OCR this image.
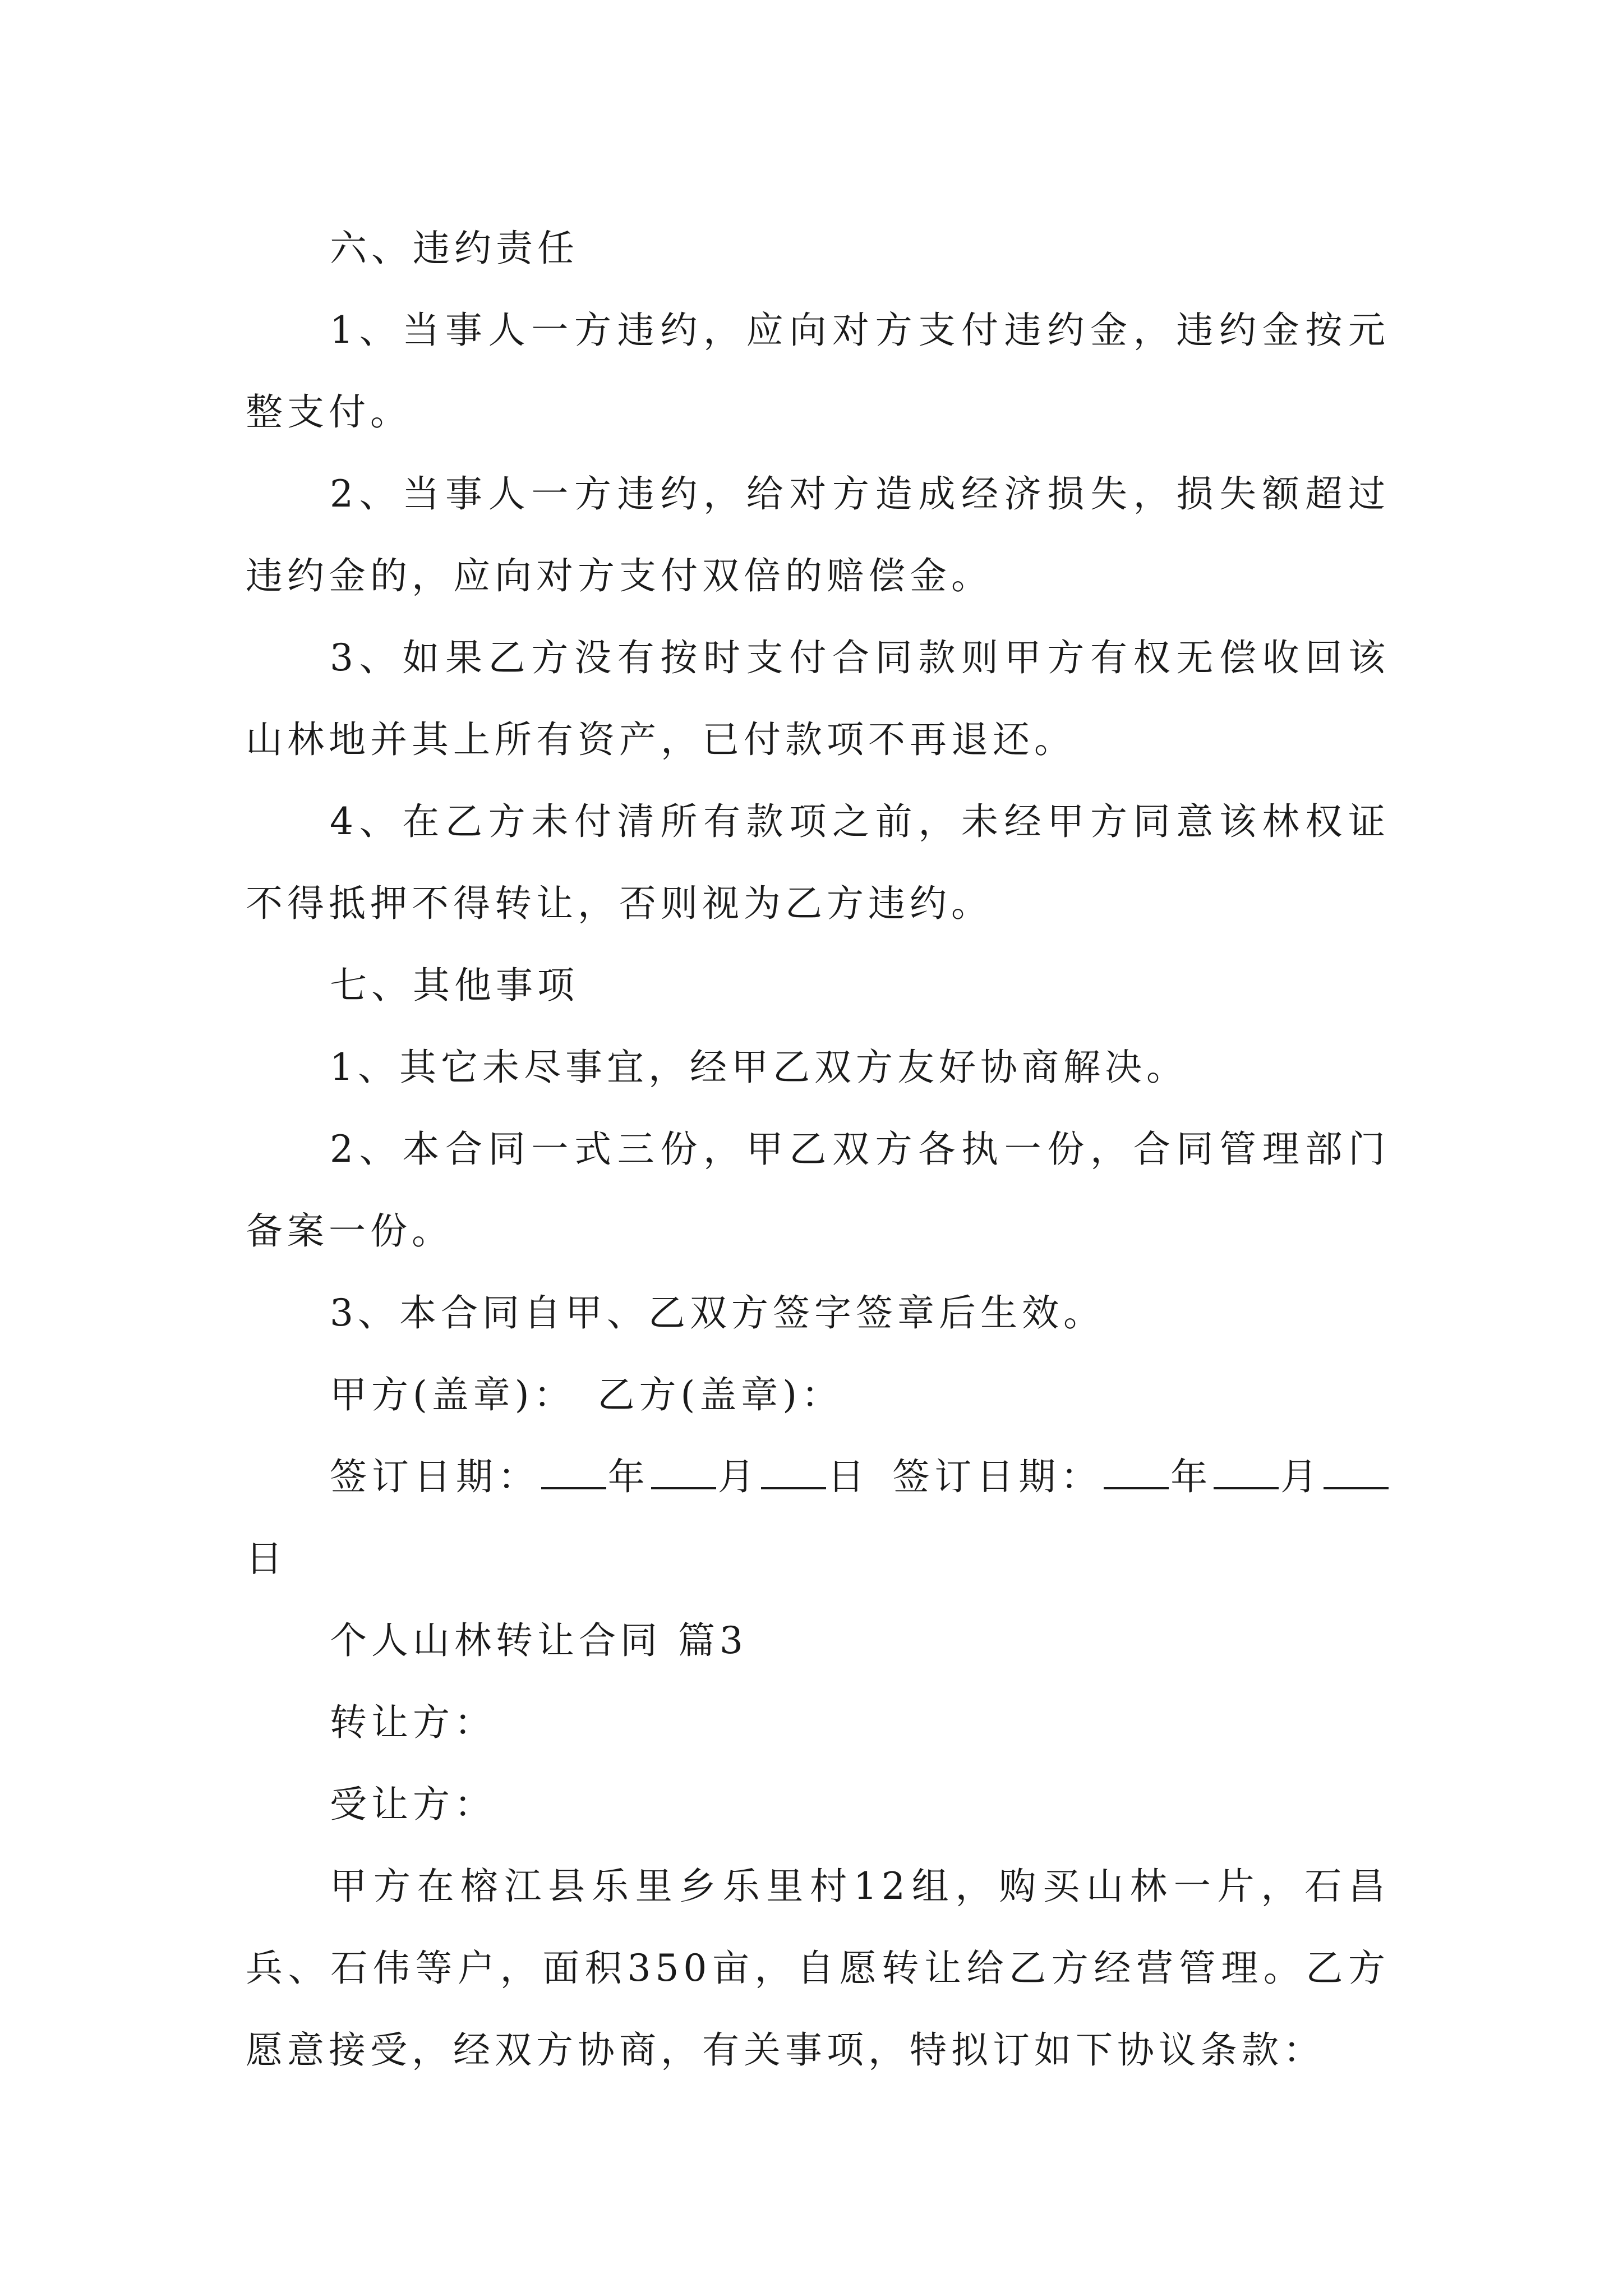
六、违约责任

1、当事人一方违约，应向对方支付违约金，违约金按元整支付。

2、当事人一方违约，给对方造成经济损失，损失额超过违约金的，应向对方支付双倍的赔偿金。

3、如果乙方没有按时支付合同款则甲方有权无偿收回该山林地并其上所有资产，已付款项不再退还。

4、在乙方未付清所有款项之前，未经甲方同意该林权证不得抵押不得转让，否则视为乙方违约。

七、其他事项

1、其它未尽事宜，经甲乙双方友好协商解决。

2、本合同一式三份，甲乙双方各执一份，合同管理部门备案一份。

3、本合同自甲、乙双方签字签章后生效。

甲方(盖章)： 乙方(盖章)：

签订日期： 年 月 日 签订日期： 年 月日

个人山林转让合同 篇3

转让方：

受让方：

甲方在榕江县乐里乡乐里村12组，购买山林一片，石昌兵、石伟等户，面积350亩，自愿转让给乙方经营管理。乙方愿意接受，经双方协商，有关事项，特拟订如下协议条款：
